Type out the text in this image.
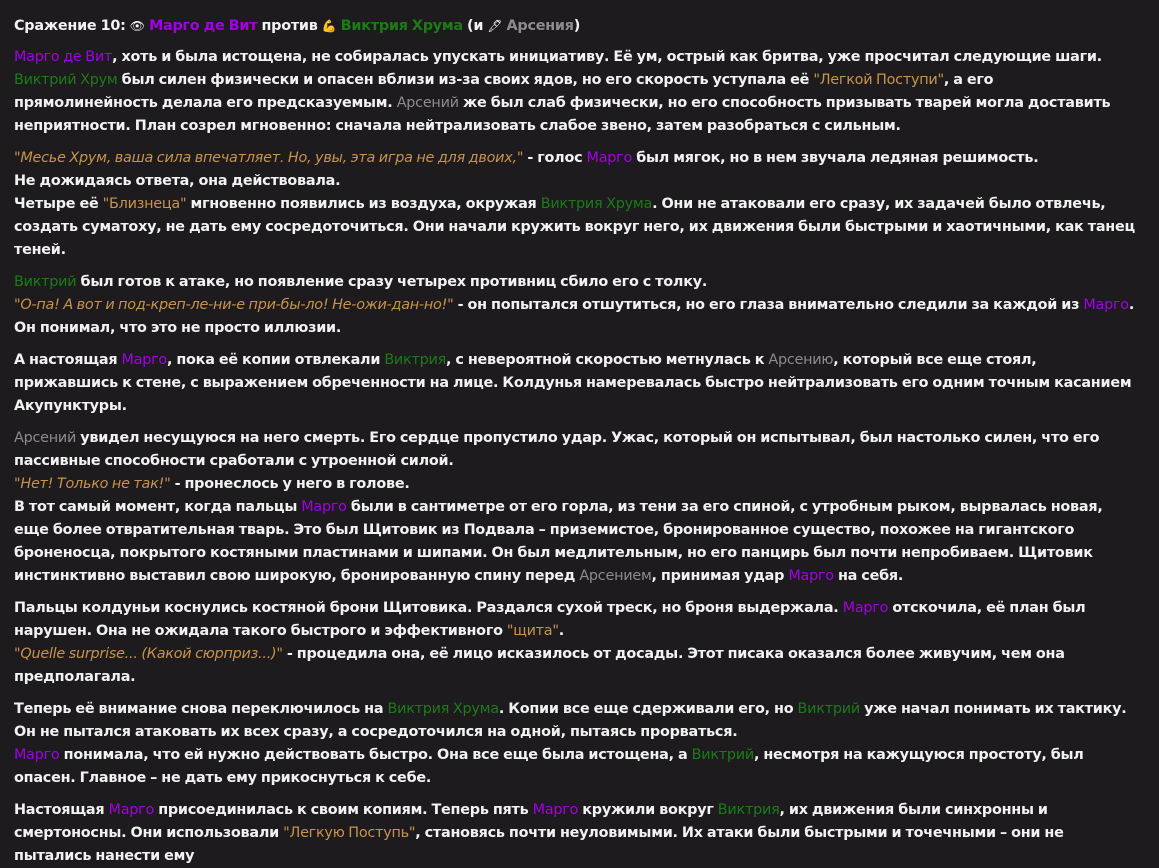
Сражение 10: 👁 Марго де Вит против 💪 Виктрия Хрума (и 🖋 Арсения)
Марго де Вит, хоть и была истощена, не собиралась упускать инициативу. Её ум, острый как бритва, уже просчитал следующие шаги. Виктрий Хрум был силен физически и опасен вблизи из-за своих ядов, но его скорость уступала её "Легкой Поступи", а его прямолинейность делала его предсказуемым. Арсений же был слаб физически, но его способность призывать тварей могла доставить неприятности. План созрел мгновенно: сначала нейтрализовать слабое звено, затем разобраться с сильным.
"Месье Хрум, ваша сила впечатляет. Но, увы, эта игра не для двоих," - голос Марго был мягок, но в нем звучала ледяная решимость.
Не дожидаясь ответа, она действовала.
Четыре её "Близнеца" мгновенно появились из воздуха, окружая Виктрия Хрума. Они не атаковали его сразу, их задачей было отвлечь, создать суматоху, не дать ему сосредоточиться. Они начали кружить вокруг него, их движения были быстрыми и хаотичными, как танец теней.
Виктрий был готов к атаке, но появление сразу четырех противниц сбило его с толку.
"О-па! А вот и под-креп-ле-ни-е при-бы-ло! Не-ожи-дан-но!" - он попытался отшутиться, но его глаза внимательно следили за каждой из Марго. Он понимал, что это не просто иллюзии.
А настоящая Марго, пока её копии отвлекали Виктрия, с невероятной скоростью метнулась к Арсению, который все еще стоял, прижавшись к стене, с выражением обреченности на лице. Колдунья намеревалась быстро нейтрализовать его одним точным касанием Акупунктуры.
Арсений увидел несущуюся на него смерть. Его сердце пропустило удар. Ужас, который он испытывал, был настолько силен, что его пассивные способности сработали с утроенной силой.
"Нет! Только не так!" - пронеслось у него в голове.
В тот самый момент, когда пальцы Марго были в сантиметре от его горла, из тени за его спиной, с утробным рыком, вырвалась новая, еще более отвратительная тварь. Это был Щитовик из Подвала – приземистое, бронированное существо, похожее на гигантского броненосца, покрытого костяными пластинами и шипами. Он был медлительным, но его панцирь был почти непробиваем. Щитовик инстинктивно выставил свою широкую, бронированную спину перед Арсением, принимая удар Марго на себя.
Пальцы колдуньи коснулись костяной брони Щитовика. Раздался сухой треск, но броня выдержала. Марго отскочила, её план был нарушен. Она не ожидала такого быстрого и эффективного "щита".
"Quelle surprise... (Какой сюрприз...)" - процедила она, её лицо исказилось от досады. Этот писака оказался более живучим, чем она предполагала.
Теперь её внимание снова переключилось на Виктрия Хрума. Копии все еще сдерживали его, но Виктрий уже начал понимать их тактику. Он не пытался атаковать их всех сразу, а сосредоточился на одной, пытаясь прорваться.
Марго понимала, что ей нужно действовать быстро. Она все еще была истощена, а Виктрий, несмотря на кажущуюся простоту, был опасен. Главное – не дать ему прикоснуться к себе.
Настоящая Марго присоединилась к своим копиям. Теперь пять Марго кружили вокруг Виктрия, их движения были синхронны и смертоносны. Они использовали "Легкую Поступь", становясь почти неуловимыми. Их атаки были быстрыми и точечными – они не пытались нанести ему
